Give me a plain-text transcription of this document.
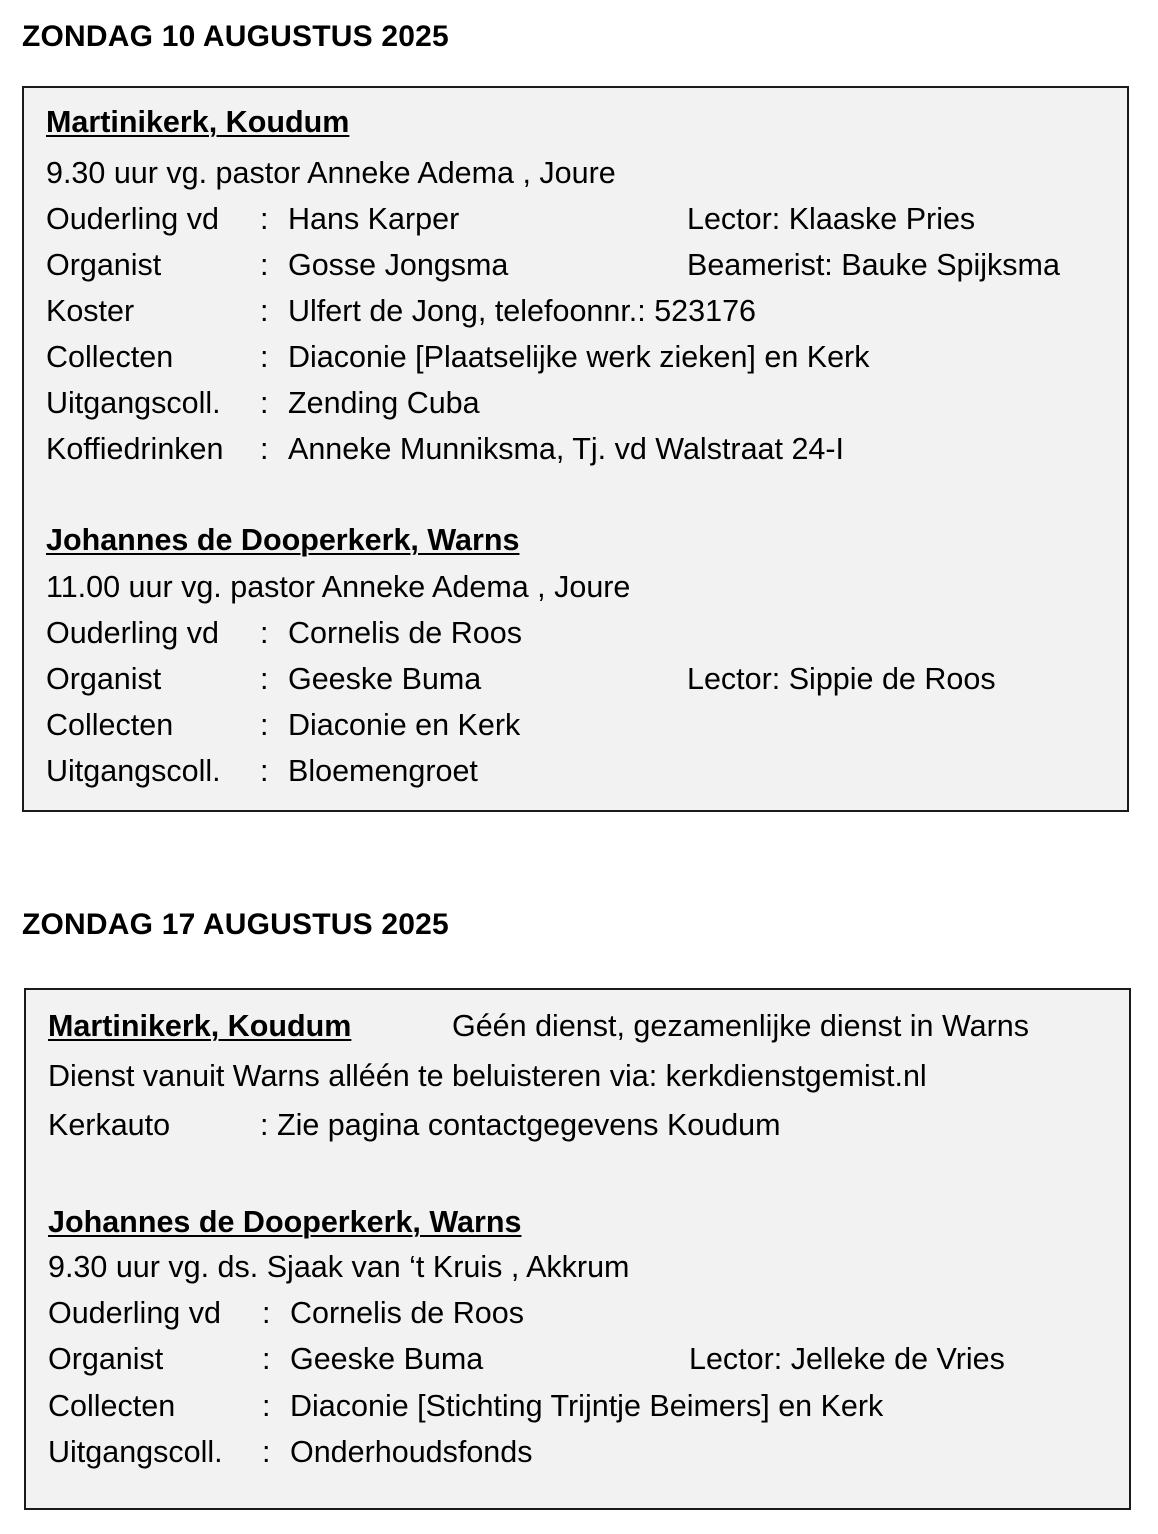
ZONDAG 10 AUGUSTUS 2025
Martinikerk, Koudum
9.30 uur vg. pastor Anneke Adema , Joure
Ouderling vd : Hans Karper	Lector: Klaaske Pries
Organist	: Gosse Jongsma	Beamerist: Bauke Spijksma
Koster	: Ulfert de Jong, telefoonnr.: 523176
Collecten	: Diaconie [Plaatselijke werk zieken] en Kerk
Uitgangscoll. : Zending Cuba
Koffiedrinken : Anneke Munniksma, Tj. vd Walstraat 24-I
Johannes de Dooperkerk, Warns
11.00 uur vg. pastor Anneke Adema , Joure
Ouderling vd : Cornelis de Roos
Organist	: Geeske Buma	Lector: Sippie de Roos
Collecten	: Diaconie en Kerk
Uitgangscoll. : Bloemengroet
ZONDAG 17 AUGUSTUS 2025
Martinikerk, Koudum	Géén dienst, gezamenlijke dienst in Warns
Dienst vanuit Warns alléén te beluisteren via: kerkdienstgemist.nl
Kerkauto	: Zie pagina contactgegevens Koudum
Johannes de Dooperkerk, Warns
9.30 uur vg. ds. Sjaak van ‘t Kruis , Akkrum
Ouderling vd : Cornelis de Roos
Organist	: Geeske Buma	Lector: Jelleke de Vries
Collecten	: Diaconie [Stichting Trijntje Beimers] en Kerk
Uitgangscoll. : Onderhoudsfonds
